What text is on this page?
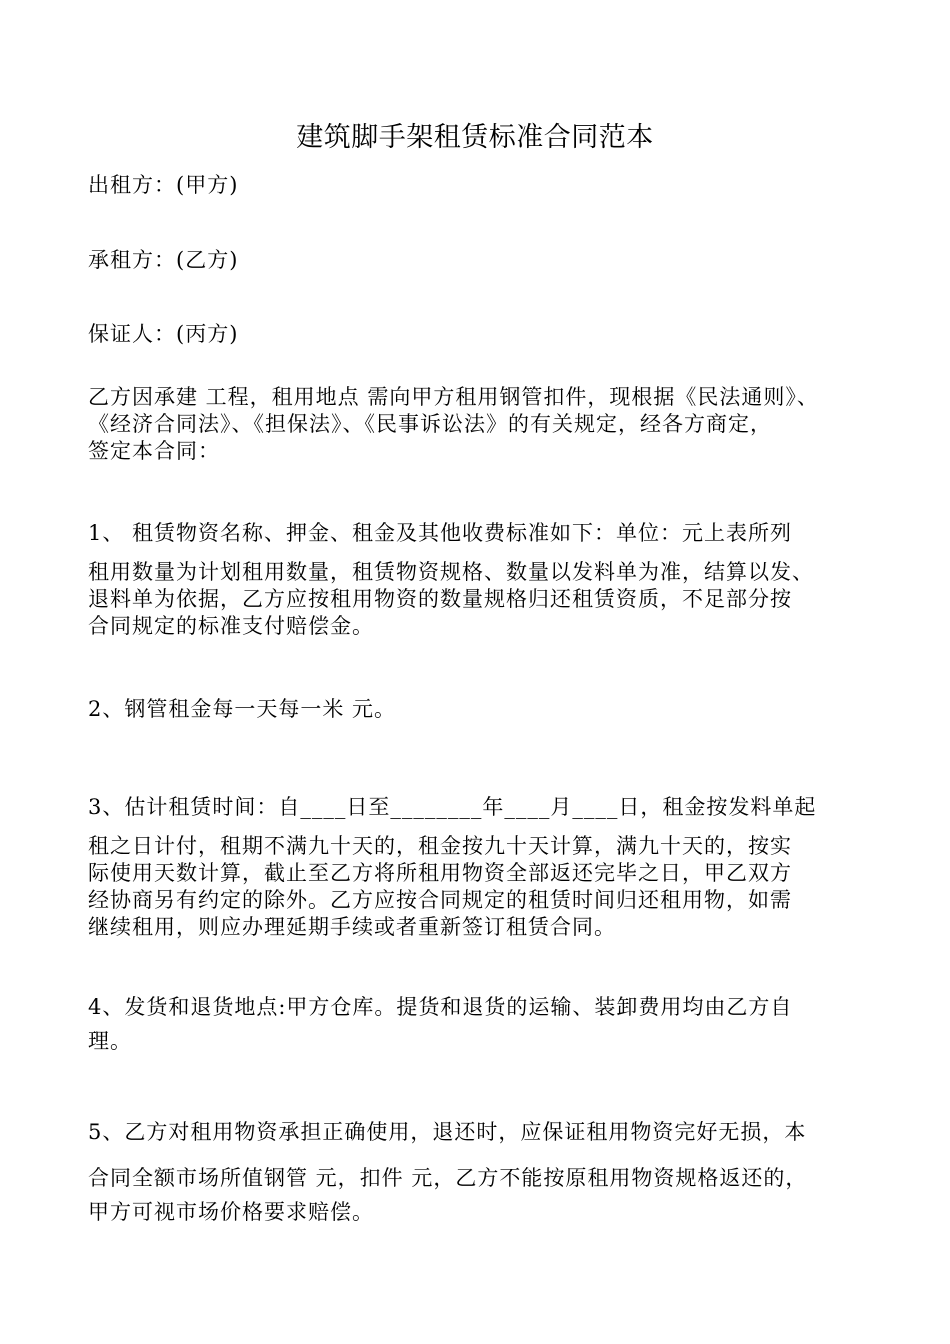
建筑脚手架租赁标准合同范本
出租方：(甲方)
承租方：(乙方)
保证人：(丙方)
乙方因承建 工程，租用地点 需向甲方租用钢管扣件，现根据《民法通则》、
《经济合同法》、《担保法》、《民事诉讼法》的有关规定，经各方商定，
签定本合同：
1、 租赁物资名称、押金、租金及其他收费标准如下：单位：元上表所列
租用数量为计划租用数量，租赁物资规格、数量以发料单为准，结算以发、
退料单为依据，乙方应按租用物资的数量规格归还租赁资质，不足部分按
合同规定的标准支付赔偿金。
2、钢管租金每一天每一米 元。
3、估计租赁时间：自____日至________年____月____日，租金按发料单起
租之日计付，租期不满九十天的，租金按九十天计算，满九十天的，按实
际使用天数计算，截止至乙方将所租用物资全部返还完毕之日，甲乙双方
经协商另有约定的除外。乙方应按合同规定的租赁时间归还租用物，如需
继续租用，则应办理延期手续或者重新签订租赁合同。
4、发货和退货地点:甲方仓库。提货和退货的运输、装卸费用均由乙方自
理。
5、乙方对租用物资承担正确使用，退还时，应保证租用物资完好无损，本
合同全额市场所值钢管 元，扣件 元，乙方不能按原租用物资规格返还的，
甲方可视市场价格要求赔偿。
